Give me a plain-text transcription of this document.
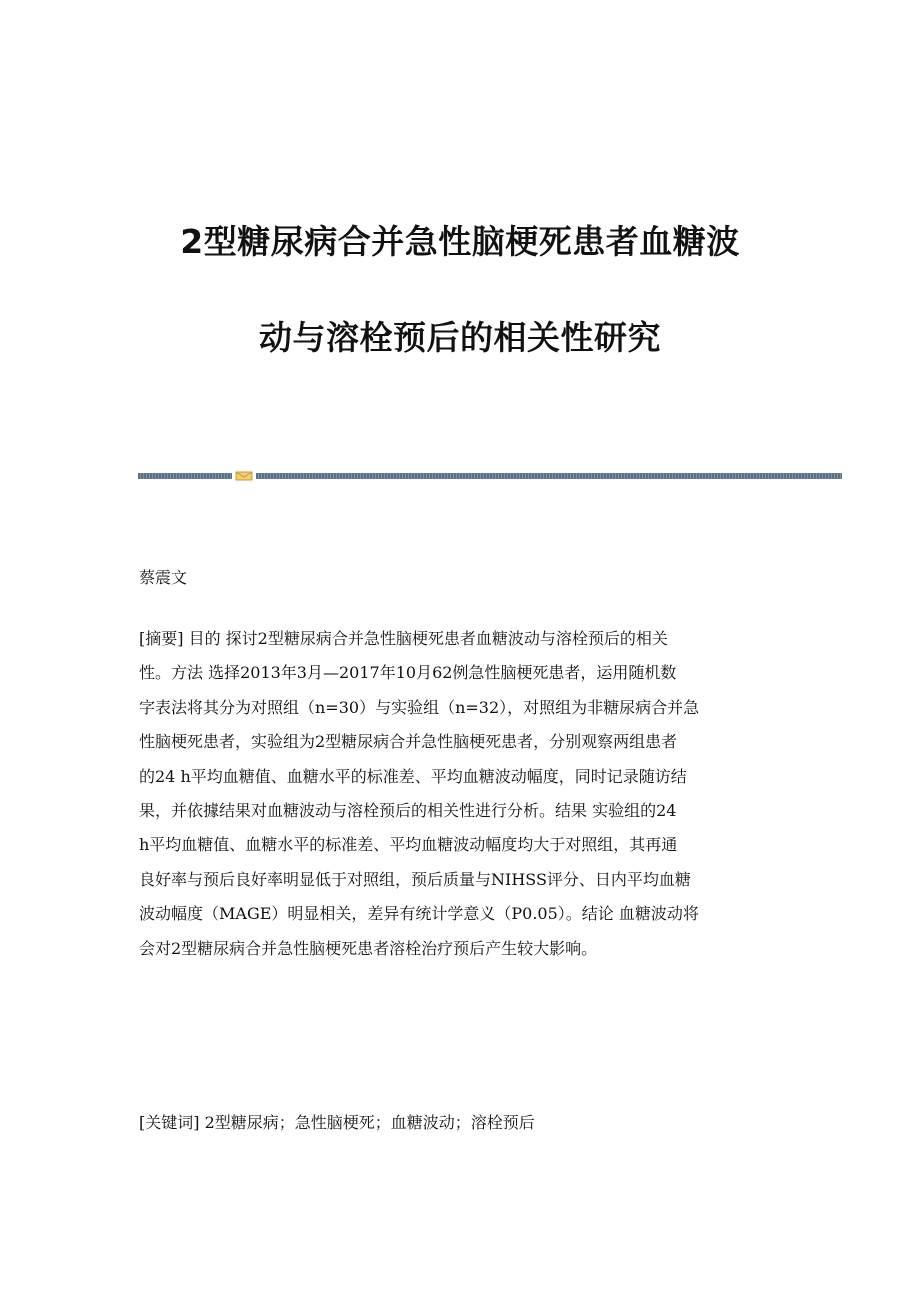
2型糖尿病合并急性脑梗死患者血糖波
动与溶栓预后的相关性研究

蔡震文

[摘要] 目的 探讨2型糖尿病合并急性脑梗死患者血糖波动与溶栓预后的相关
性。方法 选择2013年3月—2017年10月62例急性脑梗死患者，运用随机数
字表法将其分为对照组（n=30）与实验组（n=32），对照组为非糖尿病合并急
性脑梗死患者，实验组为2型糖尿病合并急性脑梗死患者，分别观察两组患者
的24 h平均血糖值、血糖水平的标准差、平均血糖波动幅度，同时记录随访结
果，并依據结果对血糖波动与溶栓预后的相关性进行分析。结果 实验组的24
h平均血糖值、血糖水平的标准差、平均血糖波动幅度均大于对照组，其再通
良好率与预后良好率明显低于对照组，预后质量与NIHSS评分、日内平均血糖
波动幅度（MAGE）明显相关，差异有统计学意义（P0.05）。结论 血糖波动将
会对2型糖尿病合并急性脑梗死患者溶栓治疗预后产生较大影响。

[关键词] 2型糖尿病；急性脑梗死；血糖波动；溶栓预后
